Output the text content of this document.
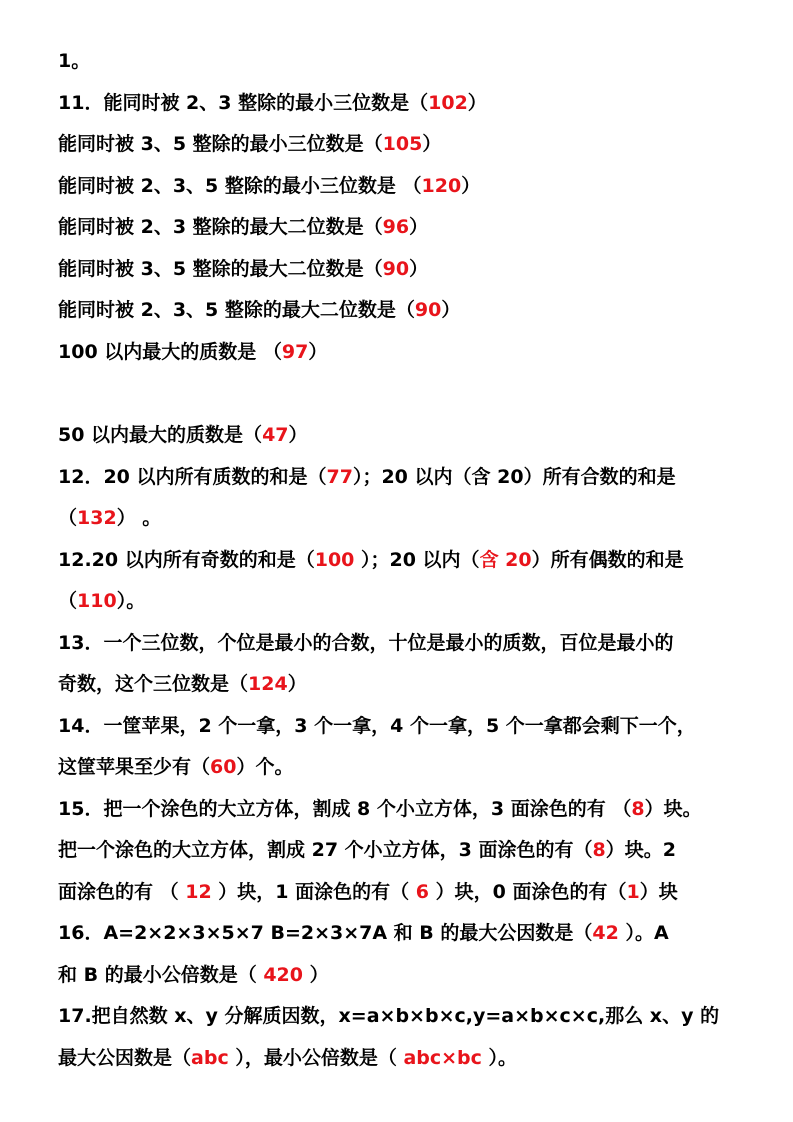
1。
11．能同时被 2、3 整除的最小三位数是（102）
能同时被 3、5 整除的最小三位数是（105）
能同时被 2、3、5 整除的最小三位数是 （120）
能同时被 2、3 整除的最大二位数是（96）
能同时被 3、5 整除的最大二位数是（90）
能同时被 2、3、5 整除的最大二位数是（90）
100 以内最大的质数是 （97）
50 以内最大的质数是（47）
12．20 以内所有质数的和是（77）；20 以内（含 20）所有合数的和是
（132） 。
12.20 以内所有奇数的和是（100 ）；20 以内（含 20）所有偶数的和是
（110）。
13．一个三位数，个位是最小的合数，十位是最小的质数，百位是最小的
奇数，这个三位数是（124）
14．一筐苹果，2 个一拿，3 个一拿，4 个一拿，5 个一拿都会剩下一个，
这筐苹果至少有（60）个。
15．把一个涂色的大立方体，割成 8 个小立方体，3 面涂色的有 （8）块。
把一个涂色的大立方体，割成 27 个小立方体，3 面涂色的有（8）块。2
面涂色的有 （ 12 ）块，1 面涂色的有（ 6 ）块，0 面涂色的有（1）块
16．A=2×2×3×5×7 B=2×3×7A 和 B 的最大公因数是（42 ）。A
和 B 的最小公倍数是（ 420 ）
17.把自然数 x、y 分解质因数，x=a×b×b×c,y=a×b×c×c,那么 x、y 的
最大公因数是（abc ），最小公倍数是（ abc×bc ）。
